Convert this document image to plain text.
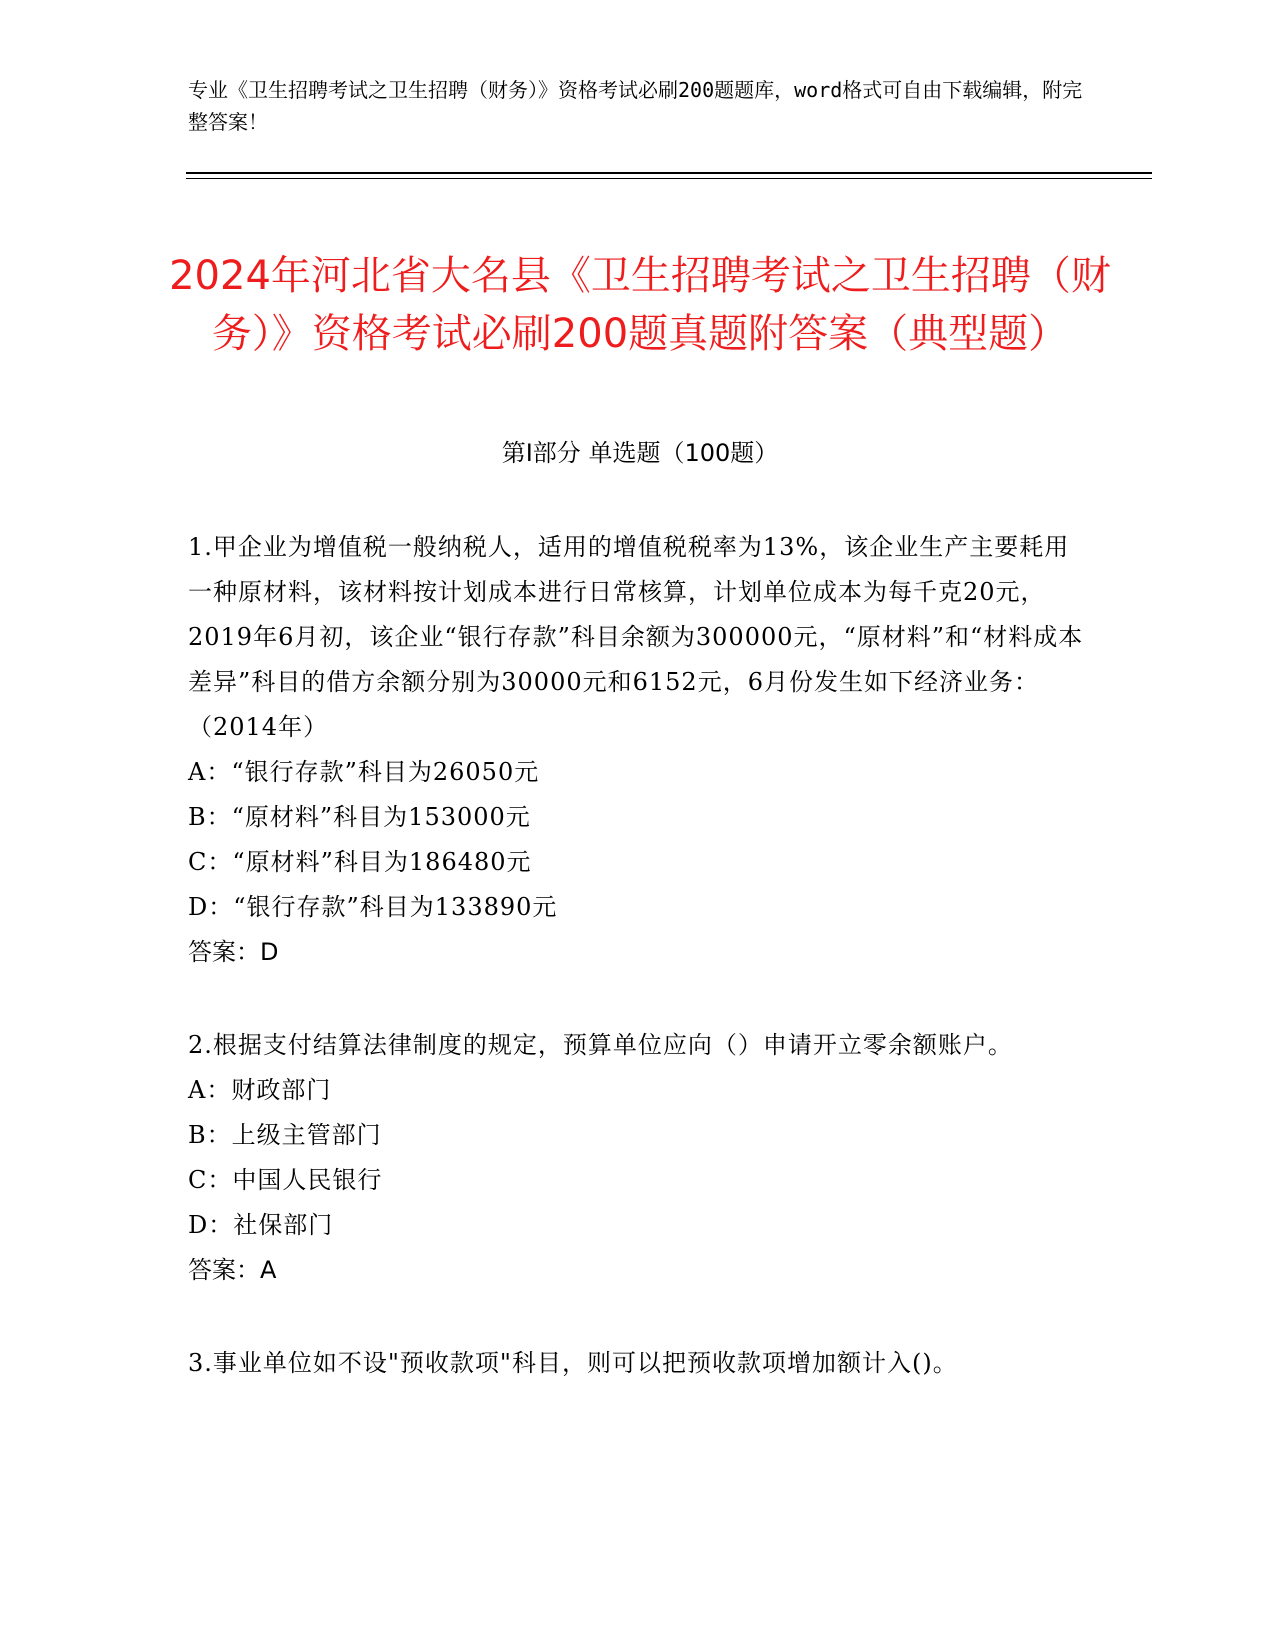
专业《卫生招聘考试之卫生招聘（财务）》资格考试必刷200题题库，word格式可自由下载编辑，附完整答案！
2024年河北省大名县《卫生招聘考试之卫生招聘（财务）》资格考试必刷200题真题附答案（典型题）
第I部分 单选题（100题）

1.甲企业为增值税一般纳税人，适用的增值税税率为13%，该企业生产主要耗用一种原材料，该材料按计划成本进行日常核算，计划单位成本为每千克20元，2019年6月初，该企业“银行存款”科目余额为300000元，“原材料”和“材料成本差异”科目的借方余额分别为30000元和6152元，6月份发生如下经济业务：（2014年）

A：“银行存款”科目为26050元

B：“原材料”科目为153000元

C：“原材料”科目为186480元

D：“银行存款”科目为133890元

答案：D

2.根据支付结算法律制度的规定，预算单位应向（）申请开立零余额账户。

A：财政部门

B：上级主管部门

C：中国人民银行

D：社保部门

答案：A

3.事业单位如不设"预收款项"科目，则可以把预收款项增加额计入()。
